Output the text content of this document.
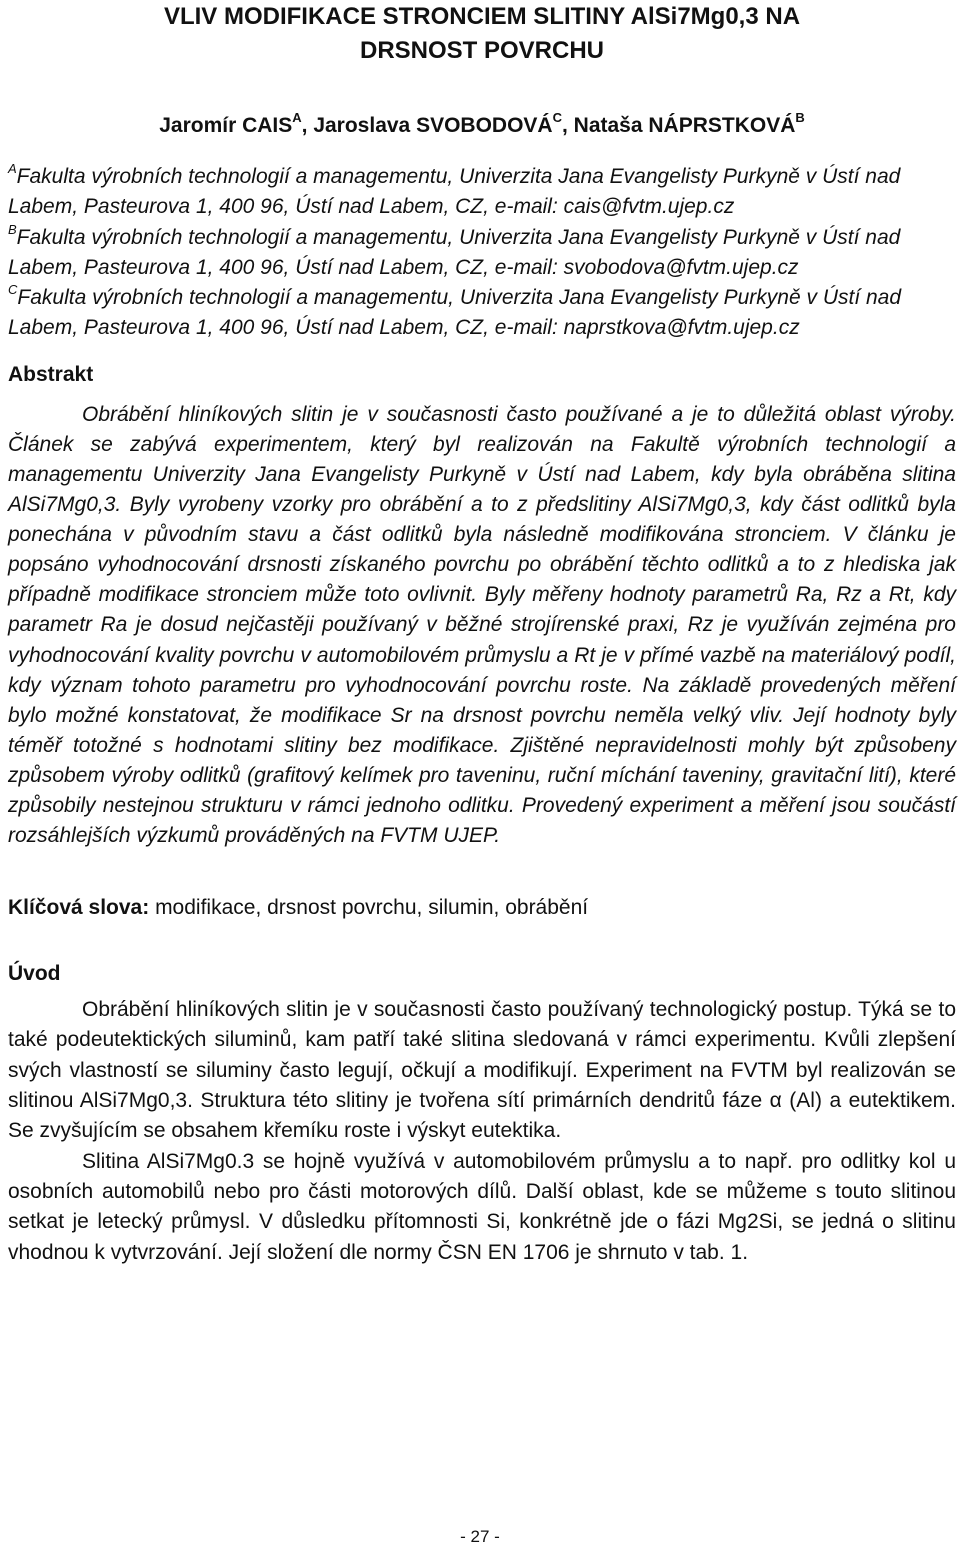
VLIV MODIFIKACE STRONCIEM SLITINY AlSi7Mg0,3 NA
DRSNOST POVRCHU
Jaromír $CAIS^A$, Jaroslava $SVOBODOVÁ^C$, Nataša $NÁPRSTKOVÁ^B$

$^A$Fakulta výrobních technologií a managementu, Univerzita Jana Evangelisty Purkyně v Ústí nad Labem, Pasteurova 1, 400 96, Ústí nad Labem, CZ, e-mail: cais@fvtm.ujep.cz

$^B$Fakulta výrobních technologií a managementu, Univerzita Jana Evangelisty Purkyně v Ústí nad Labem, Pasteurova 1, 400 96, Ústí nad Labem, CZ, e-mail: svobodova@fvtm.ujep.cz

$^C$Fakulta výrobních technologií a managementu, Univerzita Jana Evangelisty Purkyně v Ústí nad Labem, Pasteurova 1, 400 96, Ústí nad Labem, CZ, e-mail: naprstkova@fvtm.ujep.cz

Abstrakt

Obrábění hliníkových slitin je v současnosti často používané a je to důležitá oblast výroby. Článek se zabývá experimentem, který byl realizován na Fakultě výrobních technologií a managementu Univerzity Jana Evangelisty Purkyně v Ústí nad Labem, kdy byla obráběna slitina AlSi7Mg0,3. Byly vyrobeny vzorky pro obrábění a to z předslitiny AlSi7Mg0,3, kdy část odlitků byla ponechána v původním stavu a část odlitků byla následně modifikována stronciem. V článku je popsáno vyhodnocování drsnosti získaného povrchu po obrábění těchto odlitků a to z hlediska jak případně modifikace stronciem může toto ovlivnit. Byly měřeny hodnoty parametrů Ra, Rz a Rt, kdy parametr Ra je dosud nejčastěji používaný v běžné strojírenské praxi, Rz je využíván zejména pro vyhodnocování kvality povrchu v automobilovém průmyslu a Rt je v přímé vazbě na materiálový podíl, kdy význam tohoto parametru pro vyhodnocování povrchu roste. Na základě provedených měření bylo možné konstatovat, že modifikace Sr na drsnost povrchu neměla velký vliv. Její hodnoty byly téměř totožné s hodnotami slitiny bez modifikace. Zjištěné nepravidelnosti mohly být způsobeny způsobem výroby odlitků (grafitový kelímek pro taveninu, ruční míchání taveniny, gravitační lití), které způsobily nestejnou strukturu v rámci jednoho odlitku. Provedený experiment a měření jsou součástí rozsáhlejších výzkumů prováděných na FVTM UJEP.

Klíčová slova: modifikace, drsnost povrchu, silumin, obrábění
Úvod

Obrábění hliníkových slitin je v současnosti často používaný technologický postup. Týká se to také podeutektických siluminů, kam patří také slitina sledovaná v rámci experimentu. Kvůli zlepšení svých vlastností se siluminy často legují, očkují a modifikují. Experiment na FVTM byl realizován se slitinou AlSi7Mg0,3. Struktura této slitiny je tvořena sítí primárních dendritů fáze α (Al) a eutektikem. Se zvyšujícím se obsahem křemíku roste i výskyt eutektika.

Slitina AlSi7Mg0.3 se hojně využívá v automobilovém průmyslu a to např. pro odlitky kol u osobních automobilů nebo pro části motorových dílů. Další oblast, kde se můžeme s touto slitinou setkat je letecký průmysl. V důsledku přítomnosti Si, konkrétně jde o fázi Mg2Si, se jedná o slitinu vhodnou k vytvrzování. Její složení dle normy ČSN EN 1706 je shrnuto v tab. 1.

- 27 -
